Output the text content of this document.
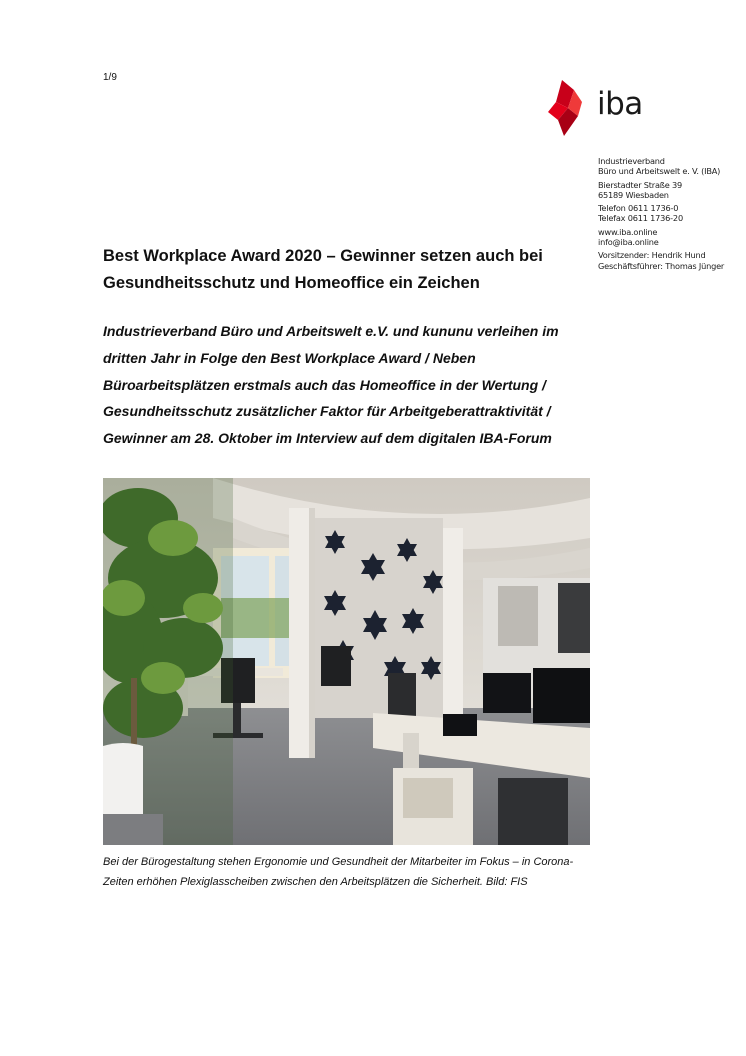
1/9
iba
Industrieverband
Büro und Arbeitswelt e. V. (IBA)
Bierstadter Straße 39
65189 Wiesbaden
Telefon 0611 1736-0
Telefax 0611 1736-20
www.iba.online
info@iba.online
Vorsitzender: Hendrik Hund
Geschäftsführer: Thomas Jünger
Best Workplace Award 2020 – Gewinner setzen auch bei Gesundheitsschutz und Homeoffice ein Zeichen

Industrieverband Büro und Arbeitswelt e.V. und kununu verleihen im dritten Jahr in Folge den Best Workplace Award / Neben Büroarbeitsplätzen erstmals auch das Homeoffice in der Wertung / Gesundheitsschutz zusätzlicher Faktor für Arbeitgeberattraktivität / Gewinner am 28. Oktober im Interview auf dem digitalen IBA-Forum

Bei der Bürogestaltung stehen Ergonomie und Gesundheit der Mitarbeiter im Fokus – in Corona-Zeiten erhöhen Plexiglasscheiben zwischen den Arbeitsplätzen die Sicherheit. Bild: FIS
